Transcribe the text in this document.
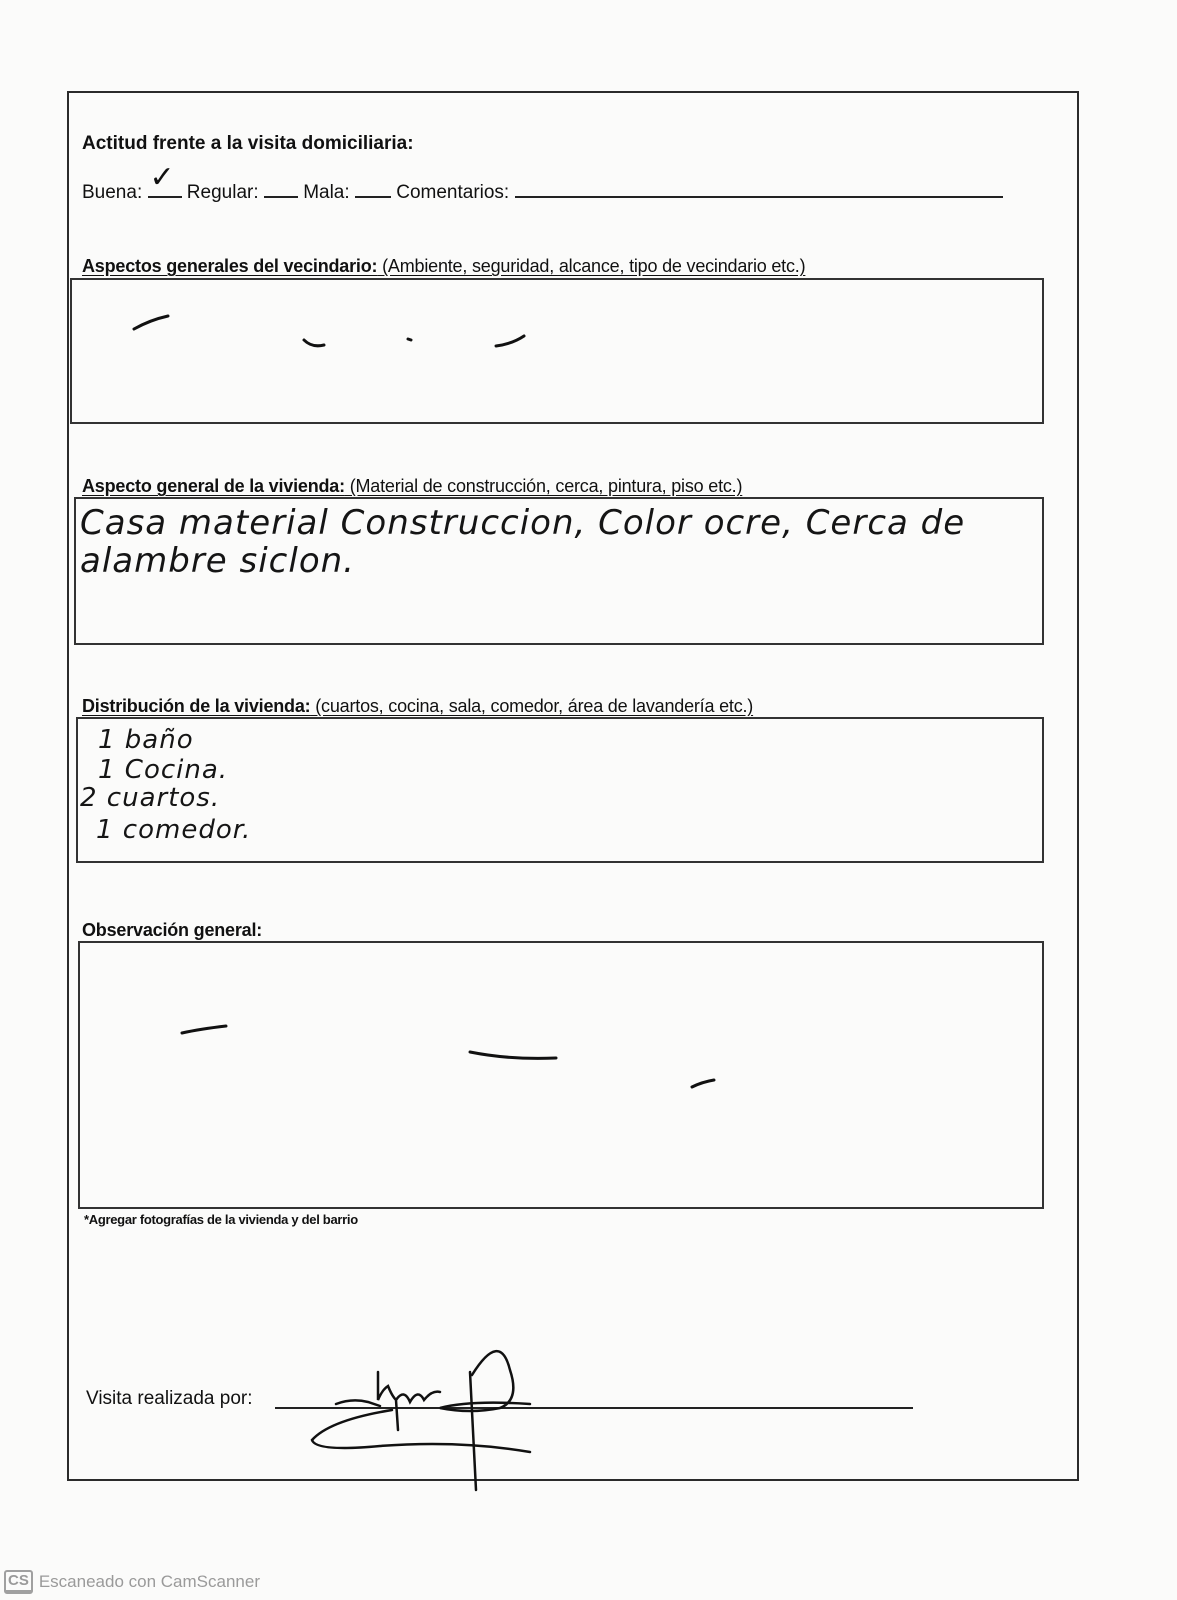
Actitud frente a la visita domiciliaria:
Buena: ✓ Regular: Mala: Comentarios:
Aspectos generales del vecindario: (Ambiente, seguridad, alcance, tipo de vecindario etc.)
Aspecto general de la vivienda: (Material de construcción, cerca, pintura, piso etc.)
Casa material Construccion, Color ocre, Cerca de
alambre siclon.
Distribución de la vivienda: (cuartos, cocina, sala, comedor, área de lavandería etc.)
1 baño
1 Cocina.
2 cuartos.
1 comedor.
Observación general:
*Agregar fotografías de la vivienda y del barrio
Visita realizada por:
CS Escaneado con CamScanner
